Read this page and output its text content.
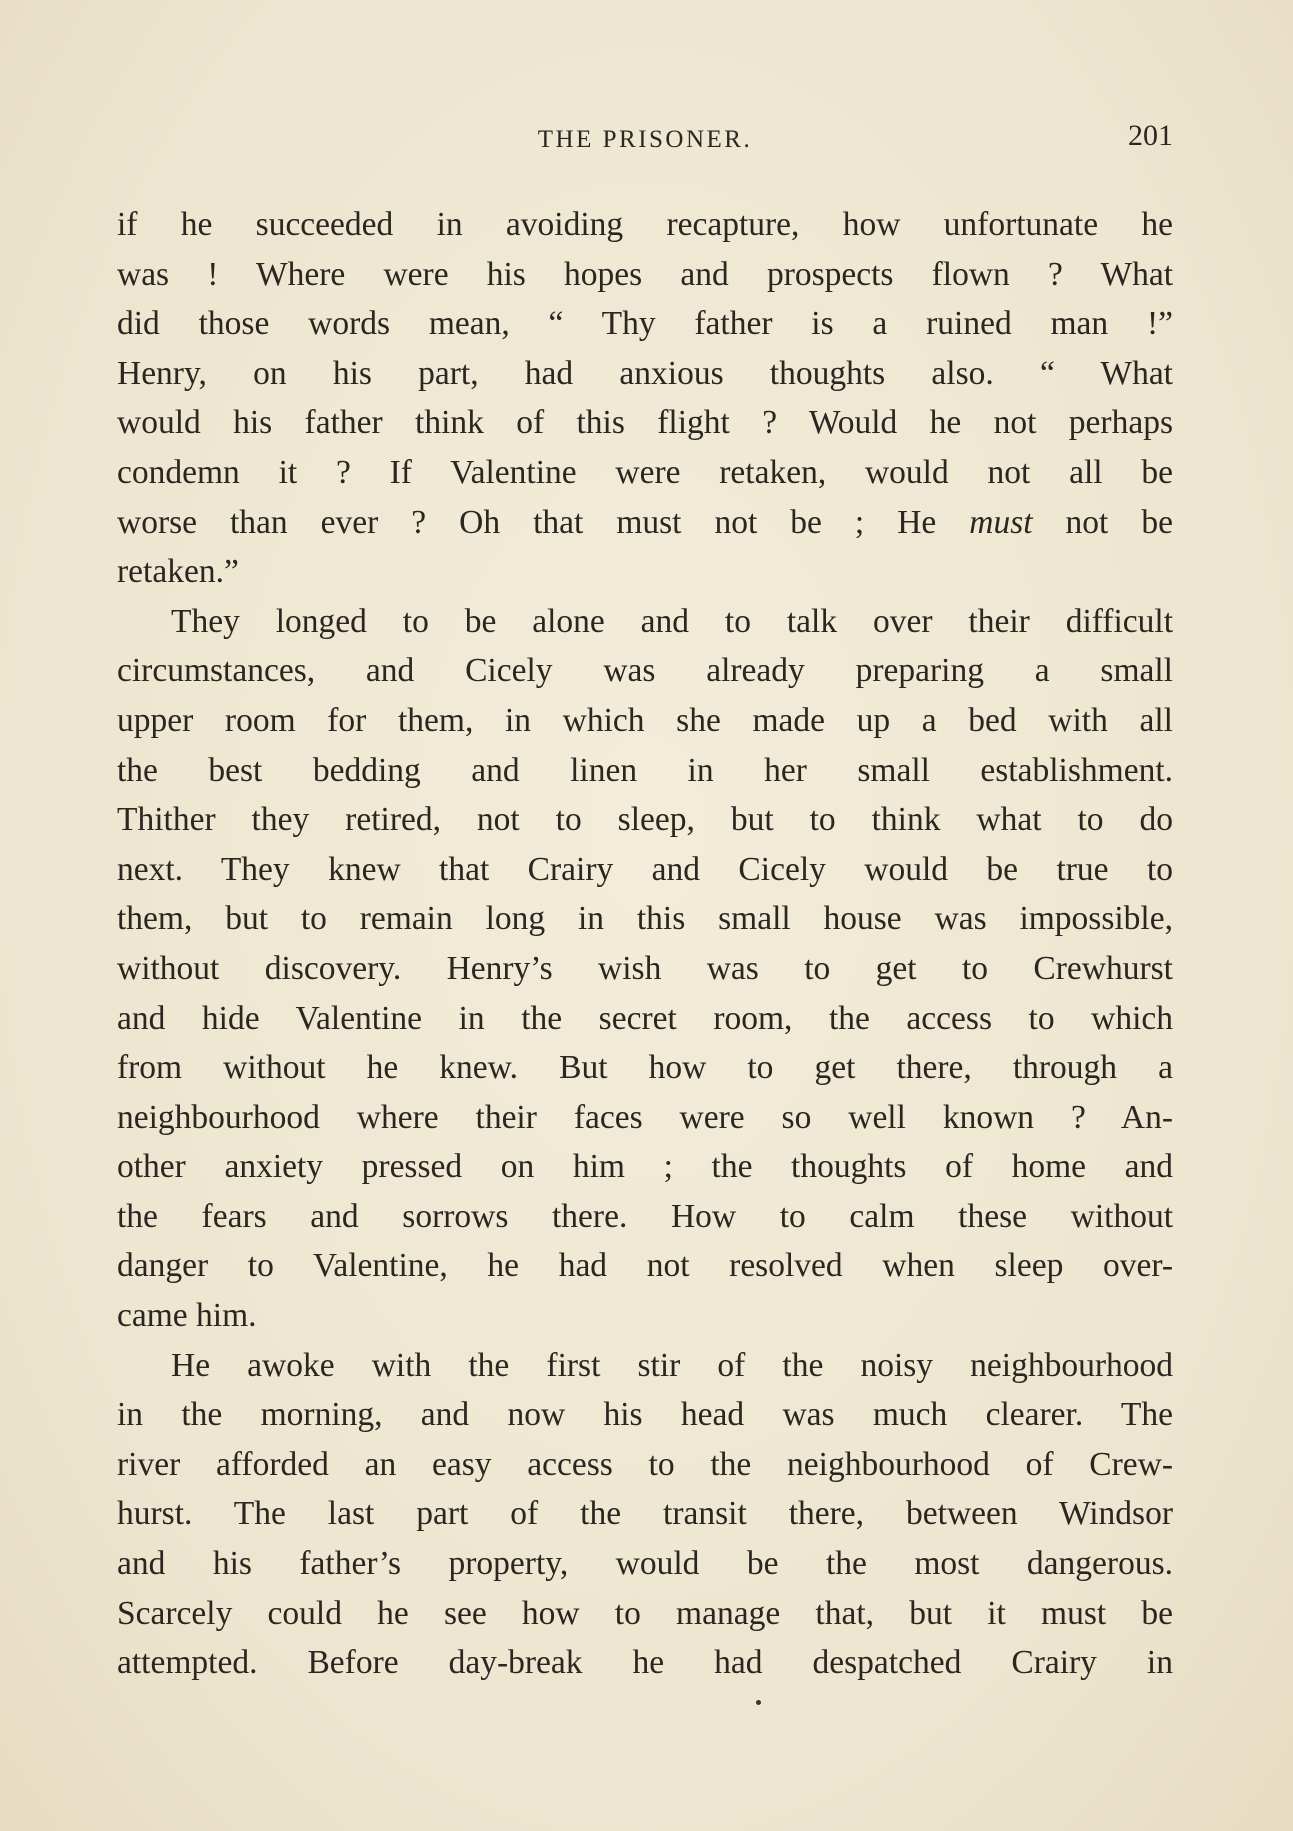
THE PRISONER.	201
if he succeeded in avoiding recapture, how unfortunate he
was ! Where were his hopes and prospects flown ? What
did those words mean, “ Thy father is a ruined man !”
Henry, on his part, had anxious thoughts also. “ What
would his father think of this flight ? Would he not perhaps
condemn it ? If Valentine were retaken, would not all be
worse than ever ? Oh that must not be ; He must not be
retaken.”
They longed to be alone and to talk over their difficult
circumstances, and Cicely was already preparing a small
upper room for them, in which she made up a bed with all
the best bedding and linen in her small establishment.
Thither they retired, not to sleep, but to think what to do
next. They knew that Crairy and Cicely would be true to
them, but to remain long in this small house was impossible,
without discovery. Henry’s wish was to get to Crewhurst
and hide Valentine in the secret room, the access to which
from without he knew. But how to get there, through a
neighbourhood where their faces were so well known ? An-
other anxiety pressed on him ; the thoughts of home and
the fears and sorrows there. How to calm these without
danger to Valentine, he had not resolved when sleep over-
came him.
He awoke with the first stir of the noisy neighbourhood
in the morning, and now his head was much clearer. The
river afforded an easy access to the neighbourhood of Crew-
hurst. The last part of the transit there, between Windsor
and his father’s property, would be the most dangerous.
Scarcely could he see how to manage that, but it must be
attempted. Before day-break he had despatched Crairy in
